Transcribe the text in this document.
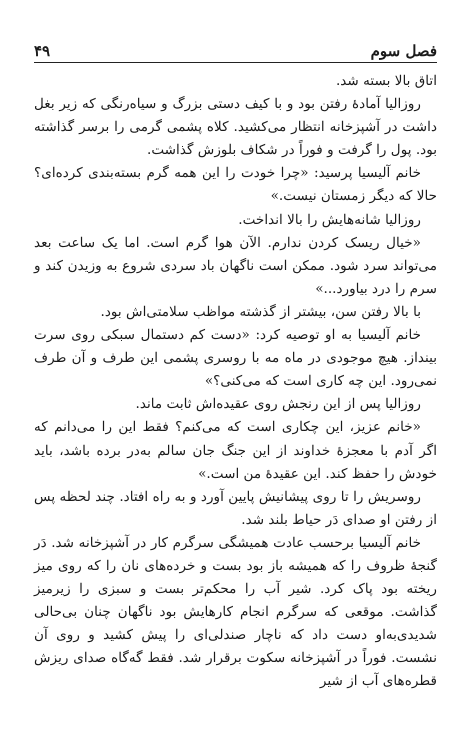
فصل سوم
۴۹

اتاق بالا بسته شد.

روزالیا آمادهٔ رفتن بود و با کیف دستی بزرگ و سیاه‌رنگی که زیر بغل داشت در آشپزخانه انتظار می‌کشید. کلاه پشمی گرمی را برسر گذاشته بود. پول را گرفت و فوراً در شکاف بلوزش گذاشت.

خانم آلیسیا پرسید: «چرا خودت را این همه گرم بسته‌بندی کرده‌ای؟ حالا که دیگر زمستان نیست.»

روزالیا شانه‌هایش را بالا انداخت.

«خیال ریسک کردن ندارم. الآن هوا گرم است. اما یک ساعت بعد می‌تواند سرد شود. ممکن است ناگهان باد سردی شروع به وزیدن کند و سرم را درد بیاورد...»

با بالا رفتن سن، بیشتر از گذشته مواظب سلامتی‌اش بود.

خانم آلیسیا به او توصیه کرد: «دست کم دستمال سبکی روی سرت بینداز. هیچ موجودی در ماه مه با روسری پشمی این طرف و آن طرف نمی‌رود. این چه کاری است که می‌کنی؟»

روزالیا پس از این رنجش روی عقیده‌اش ثابت ماند.

«خانم عزیز، این چکاری است که می‌کنم؟ فقط این را می‌دانم که اگر آدم با معجزهٔ خداوند از این جنگ جان سالم به‌در برده باشد، باید خودش را حفظ کند. این عقیدهٔ من است.»

روسریش را تا روی پیشانیش پایین آورد و به راه افتاد. چند لحظه پس از رفتن او صدای دَر حیاط بلند شد.

خانم آلیسیا برحسب عادت همیشگی سرگرم کار در آشپزخانه شد. دَر گنجهٔ ظروف را که همیشه باز بود بست و خرده‌های نان را که روی میز ریخته بود پاک کرد. شیر آب را محکم‌تر بست و سبزی را زیرمیز گذاشت. موقعی که سرگرم انجام کارهایش بود ناگهان چنان بی‌حالی شدیدی‌به‌او دست داد که ناچار صندلی‌ای را پیش کشید و روی آن نشست. فوراً در آشپزخانه سکوت برقرار شد. فقط گه‌گاه صدای ریزش قطره‌های آب از شیر
